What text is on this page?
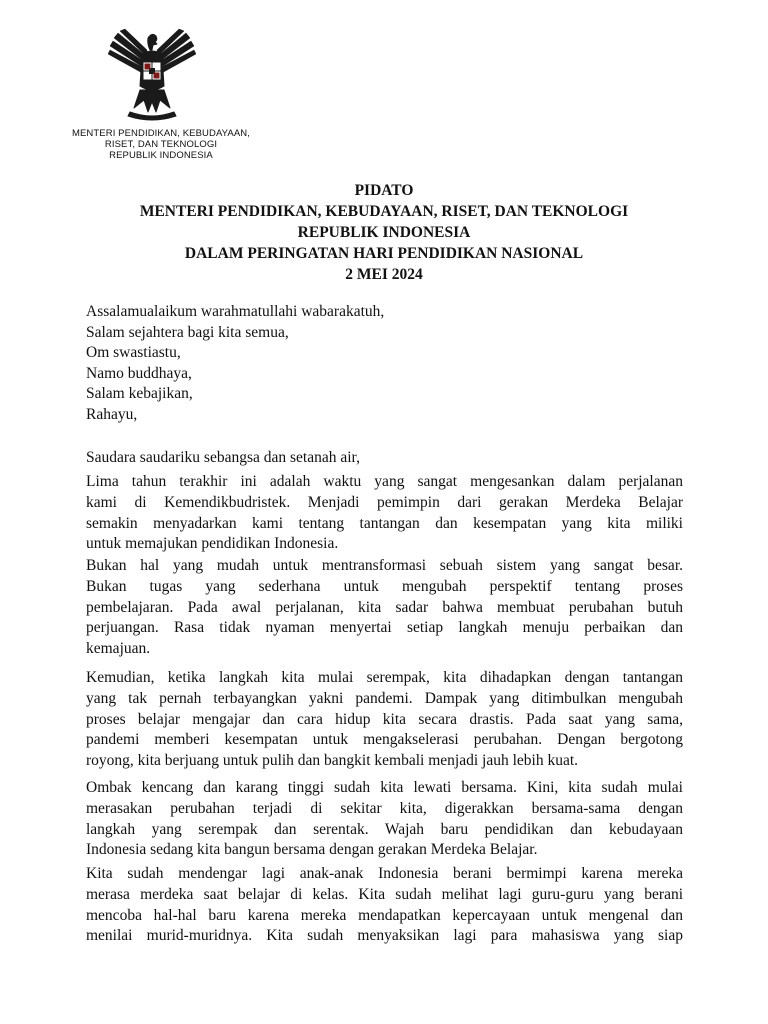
MENTERI PENDIDIKAN, KEBUDAYAAN,
RISET, DAN TEKNOLOGI
REPUBLIK INDONESIA
PIDATO
MENTERI PENDIDIKAN, KEBUDAYAAN, RISET, DAN TEKNOLOGI
REPUBLIK INDONESIA
DALAM PERINGATAN HARI PENDIDIKAN NASIONAL
2 MEI 2024
Assalamualaikum warahmatullahi wabarakatuh,
Salam sejahtera bagi kita semua,
Om swastiastu,
Namo buddhaya,
Salam kebajikan,
Rahayu,
Saudara saudariku sebangsa dan setanah air,
Lima tahun terakhir ini adalah waktu yang sangat mengesankan dalam perjalanan
kami di Kemendikbudristek. Menjadi pemimpin dari gerakan Merdeka Belajar
semakin menyadarkan kami tentang tantangan dan kesempatan yang kita miliki
untuk memajukan pendidikan Indonesia.
Bukan hal yang mudah untuk mentransformasi sebuah sistem yang sangat besar.
Bukan tugas yang sederhana untuk mengubah perspektif tentang proses
pembelajaran. Pada awal perjalanan, kita sadar bahwa membuat perubahan butuh
perjuangan. Rasa tidak nyaman menyertai setiap langkah menuju perbaikan dan
kemajuan.
Kemudian, ketika langkah kita mulai serempak, kita dihadapkan dengan tantangan
yang tak pernah terbayangkan yakni pandemi. Dampak yang ditimbulkan mengubah
proses belajar mengajar dan cara hidup kita secara drastis. Pada saat yang sama,
pandemi memberi kesempatan untuk mengakselerasi perubahan. Dengan bergotong
royong, kita berjuang untuk pulih dan bangkit kembali menjadi jauh lebih kuat.
Ombak kencang dan karang tinggi sudah kita lewati bersama. Kini, kita sudah mulai
merasakan perubahan terjadi di sekitar kita, digerakkan bersama-sama dengan
langkah yang serempak dan serentak. Wajah baru pendidikan dan kebudayaan
Indonesia sedang kita bangun bersama dengan gerakan Merdeka Belajar.
Kita sudah mendengar lagi anak-anak Indonesia berani bermimpi karena mereka
merasa merdeka saat belajar di kelas. Kita sudah melihat lagi guru-guru yang berani
mencoba hal-hal baru karena mereka mendapatkan kepercayaan untuk mengenal dan
menilai murid-muridnya. Kita sudah menyaksikan lagi para mahasiswa yang siap
